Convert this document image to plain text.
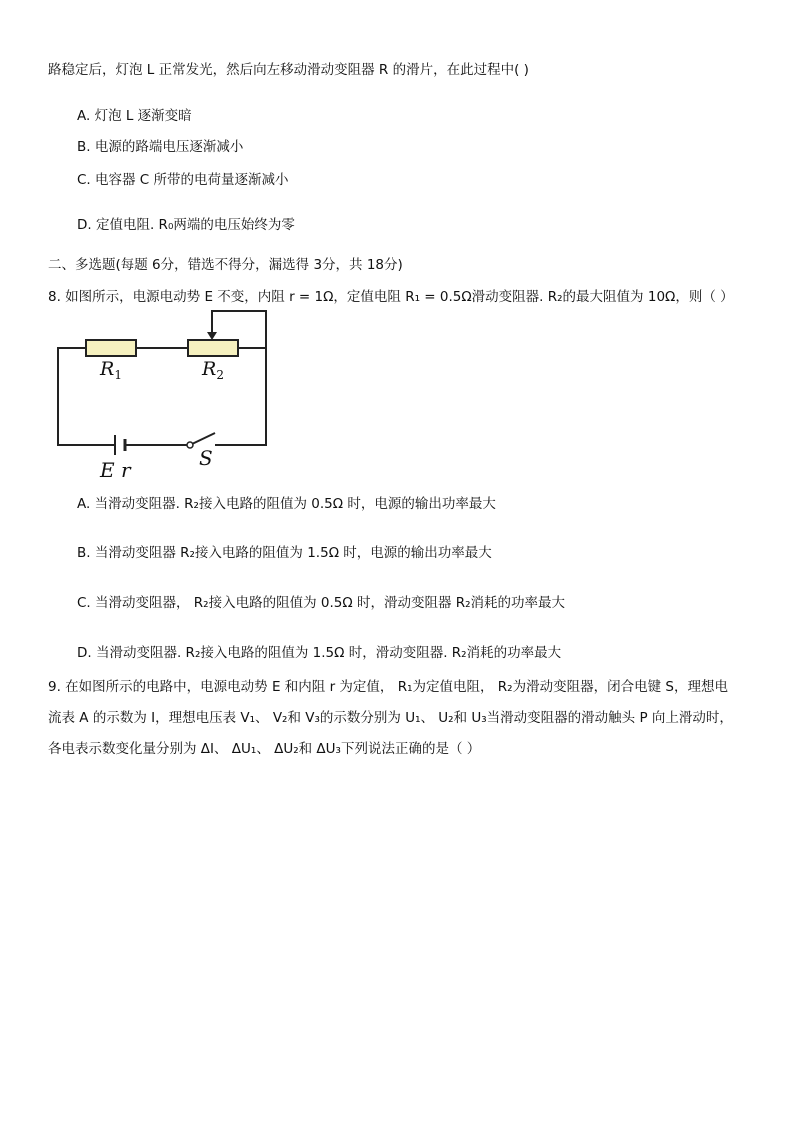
路稳定后，灯泡 L 正常发光，然后向左移动滑动变阻器 R 的滑片，在此过程中( )
A. 灯泡 L 逐渐变暗
B. 电源的路端电压逐渐减小
C. 电容器 C 所带的电荷量逐渐减小
D. 定值电阻. R₀两端的电压始终为零
二、多选题(每题 6分，错选不得分，漏选得 3分，共 18分)
8. 如图所示，电源电动势 E 不变，内阻 r = 1Ω，定值电阻 R₁ = 0.5Ω滑动变阻器. R₂的最大阻值为 10Ω，则（ ）
$R_1$	$R_2$
E r	S
A. 当滑动变阻器. R₂接入电路的阻值为 0.5Ω 时，电源的输出功率最大
B. 当滑动变阻器 R₂接入电路的阻值为 1.5Ω 时，电源的输出功率最大
C. 当滑动变阻器， R₂接入电路的阻值为 0.5Ω 时，滑动变阻器 R₂消耗的功率最大
D. 当滑动变阻器. R₂接入电路的阻值为 1.5Ω 时，滑动变阻器. R₂消耗的功率最大
9. 在如图所示的电路中，电源电动势 E 和内阻 r 为定值， R₁为定值电阻， R₂为滑动变阻器，闭合电键 S，理想电
流表 A 的示数为 I，理想电压表 V₁、 V₂和 V₃的示数分别为 U₁、 U₂和 U₃当滑动变阻器的滑动触头 P 向上滑动时，
各电表示数变化量分别为 ΔI、 ΔU₁、 ΔU₂和 ΔU₃下列说法正确的是（ ）
